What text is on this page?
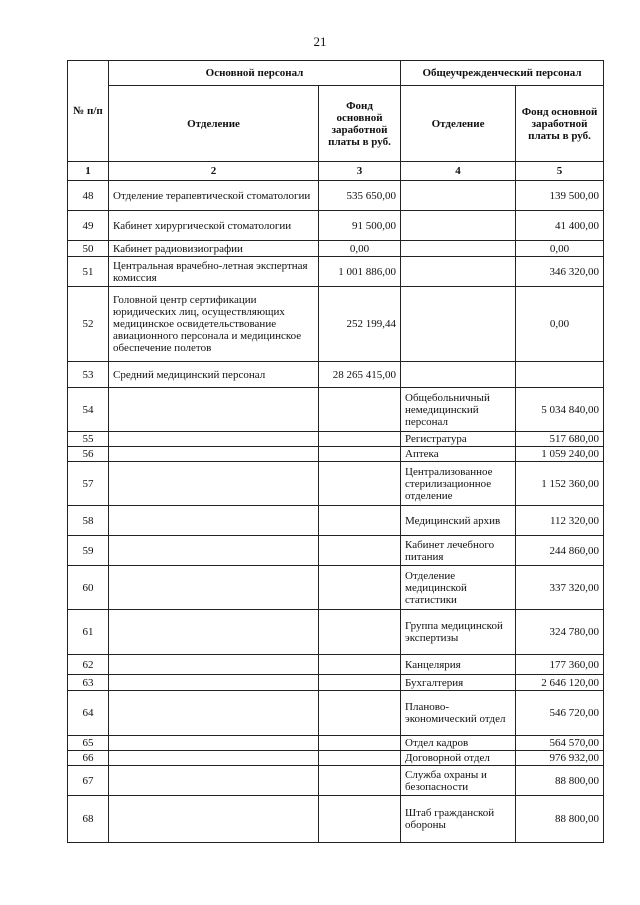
21
№ п/п	Основной персонал		Общеучрежденческий персонал	
	Отделение	Фонд основной заработной платы в руб.	Отделение	Фонд основной заработной платы в руб.
1	2	3	4	5
48	Отделение терапевтической стоматологии	535 650,00		139 500,00
49	Кабинет хирургической стоматологии	91 500,00		41 400,00
50	Кабинет радиовизиографии	0,00		0,00
51	Центральная врачебно-летная экспертная комиссия	1 001 886,00		346 320,00
52	Головной центр сертификации юридических лиц, осуществляющих медицинское освидетельствование авиационного персонала и медицинское обеспечение полетов	252 199,44		0,00
53	Средний медицинский персонал	28 265 415,00		
54			Общебольничный немедицинский персонал	5 034 840,00
55			Регистратура	517 680,00
56			Аптека	1 059 240,00
57			Централизованное стерилизационное отделение	1 152 360,00
58			Медицинский архив	112 320,00
59			Кабинет лечебного питания	244 860,00
60			Отделение медицинской статистики	337 320,00
61			Группа медицинской экспертизы	324 780,00
62			Канцелярия	177 360,00
63			Бухгалтерия	2 646 120,00
64			Планово-экономический отдел	546 720,00
65			Отдел кадров	564 570,00
66			Договорной отдел	976 932,00
67			Служба охраны и безопасности	88 800,00
68			Штаб гражданской обороны	88 800,00
